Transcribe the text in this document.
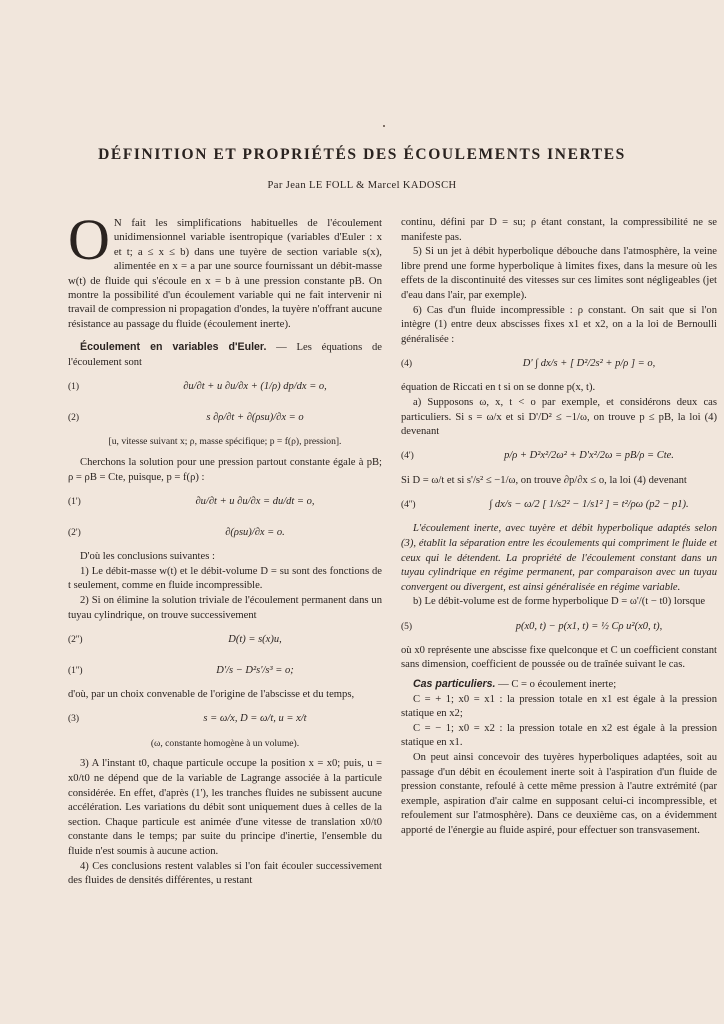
DÉFINITION ET PROPRIÉTÉS DES ÉCOULEMENTS INERTES
Par Jean LE FOLL & Marcel KADOSCH

O N fait les simplifications habituelles de l'écoulement unidimensionnel variable isentropique (variables d'Euler : x et t; a ≤ x ≤ b) dans une tuyère de section variable s(x), alimentée en x = a par une source fournissant un débit-masse w(t) de fluide qui s'écoule en x = b à une pression constante pB. On montre la possibilité d'un écoulement variable qui ne fait intervenir ni travail de compression ni propagation d'ondes, la tuyère n'offrant aucune résistance au passage du fluide (écoulement inerte).

Écoulement en variables d'Euler. — Les équations de l'écoulement sont

(1)	∂u/∂t + u ∂u/∂x + (1/ρ) dp/dx = o,
(2)	s ∂ρ/∂t + ∂(ρsu)/∂x = o

[u, vitesse suivant x; ρ, masse spécifique; p = f(ρ), pression].

Cherchons la solution pour une pression partout constante égale à pB; ρ = ρB = Cte, puisque, p = f(ρ) :

(1')	∂u/∂t + u ∂u/∂x = du/dt = o,
(2')	∂(ρsu)/∂x = o.

D'où les conclusions suivantes :

1) Le débit-masse w(t) et le débit-volume D = su sont des fonctions de t seulement, comme en fluide incompressible.

2) Si on élimine la solution triviale de l'écoulement permanent dans un tuyau cylindrique, on trouve successivement

(2'')	D(t) = s(x)u,
(1'')	D'/s − D²s'/s³ = o;

d'où, par un choix convenable de l'origine de l'abscisse et du temps,

(3)	s = ω/x, D = ω/t, u = x/t

(ω, constante homogène à un volume).

3) A l'instant t0, chaque particule occupe la position x = x0; puis, u = x0/t0 ne dépend que de la variable de Lagrange associée à la particule considérée. En effet, d'après (1'), les tranches fluides ne subissent aucune accélération. Les variations du débit sont uniquement dues à celles de la section. Chaque particule est animée d'une vitesse de translation x0/t0 constante dans le temps; par suite du principe d'inertie, l'ensemble du fluide n'est soumis à aucune action.

4) Ces conclusions restent valables si l'on fait écouler successivement des fluides de densités différentes, u restant

continu, défini par D = su; ρ étant constant, la compressibilité ne se manifeste pas.

5) Si un jet à débit hyperbolique débouche dans l'atmosphère, la veine libre prend une forme hyperbolique à limites fixes, dans la mesure où les effets de la discontinuité des vitesses sur ces limites sont négligeables (jet d'eau dans l'air, par exemple).

6) Cas d'un fluide incompressible : ρ constant. On sait que si l'on intègre (1) entre deux abscisses fixes x1 et x2, on a la loi de Bernoulli généralisée :

(4)	D' ∫ dx/s + [ D²/2s² + p/ρ ] = o,

équation de Riccati en t si on se donne p(x, t).

a) Supposons ω, x, t < o par exemple, et considérons deux cas particuliers. Si s = ω/x et si D'/D² ≤ −1/ω, on trouve p ≤ pB, la loi (4) devenant

(4')	p/ρ + D²x²/2ω² + D'x²/2ω = pB/ρ = Cte.

Si D = ω/t et si s'/s² ≤ −1/ω, on trouve ∂p/∂x ≤ o, la loi (4) devenant

(4'')	∫ dx/s − ω/2 [ 1/s2² − 1/s1² ] = t²/ρω (p2 − p1).

L'écoulement inerte, avec tuyère et débit hyperbolique adaptés selon (3), établit la séparation entre les écoulements qui compriment le fluide et ceux qui le détendent. La propriété de l'écoulement constant dans un tuyau cylindrique en régime permanent, par comparaison avec un tuyau convergent ou divergent, est ainsi généralisée en régime variable.

b) Le débit-volume est de forme hyperbolique D = ω'/(t − t0) lorsque

(5)	p(x0, t) − p(x1, t) = ½ Cρ u²(x0, t),

où x0 représente une abscisse fixe quelconque et C un coefficient constant sans dimension, coefficient de poussée ou de traînée suivant le cas.

Cas particuliers. — C = o écoulement inerte;

C = + 1; x0 = x1 : la pression totale en x1 est égale à la pression statique en x2;

C = − 1; x0 = x2 : la pression totale en x2 est égale à la pression statique en x1.

On peut ainsi concevoir des tuyères hyperboliques adaptées, soit au passage d'un débit en écoulement inerte soit à l'aspiration d'un fluide de pression constante, refoulé à cette même pression à l'autre extrémité (par exemple, aspiration d'air calme en supposant celui-ci incompressible, et refoulement sur l'atmosphère). Dans ce deuxième cas, on a évidemment apporté de l'énergie au fluide aspiré, pour effectuer son transvasement.
